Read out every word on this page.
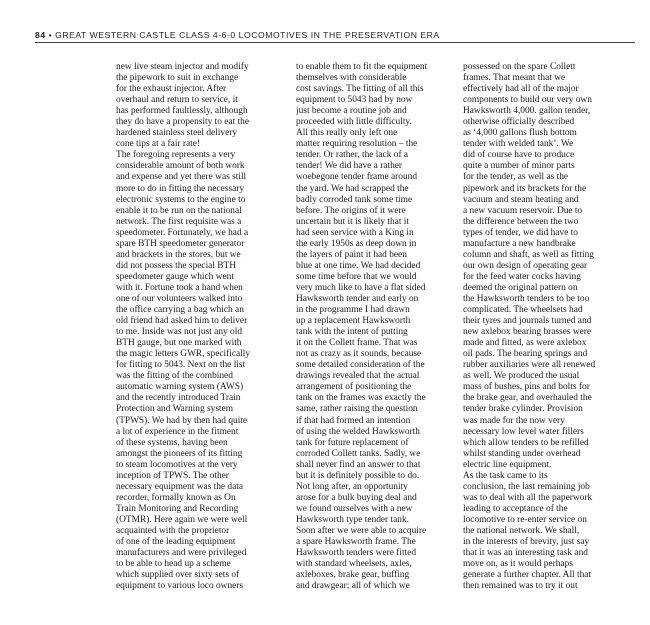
84 • GREAT WESTERN CASTLE CLASS 4-6-0 LOCOMOTIVES IN THE PRESERVATION ERA
new live steam injector and modify
the pipework to suit in exchange
for the exhaust injector. After
overhaul and return to service, it
has performed faultlessly, although
they do have a propensity to eat the
hardened stainless steel delivery
cone tips at a fair rate!
The foregoing represents a very
considerable amount of both work
and expense and yet there was still
more to do in fitting the necessary
electronic systems to the engine to
enable it to be run on the national
network. The first requisite was a
speedometer. Fortunately, we had a
spare BTH speedometer generator
and brackets in the stores, but we
did not possess the special BTH
speedometer gauge which went
with it. Fortune took a hand when
one of our volunteers walked into
the office carrying a bag which an
old friend had asked him to deliver
to me. Inside was not just any old
BTH gauge, but one marked with
the magic letters GWR, specifically
for fitting to 5043. Next on the list
was the fitting of the combined
automatic warning system (AWS)
and the recently introduced Train
Protection and Warning system
(TPWS). We had by then had quite
a lot of experience in the fitment
of these systems, having been
amongst the pioneers of its fitting
to steam locomotives at the very
inception of TPWS. The other
necessary equipment was the data
recorder, formally known as On
Train Monitoring and Recording
(OTMR). Here again we were well
acquainted with the proprietor
of one of the leading equipment
manufacturers and were privileged
to be able to head up a scheme
which supplied over sixty sets of
equipment to various loco owners
to enable them to fit the equipment
themselves with considerable
cost savings. The fitting of all this
equipment to 5043 had by now
just become a routine job and
proceeded with little difficulty.
All this really only left one
matter requiring resolution – the
tender. Or rather, the lack of a
tender! We did have a rather
woebegone tender frame around
the yard. We had scrapped the
badly corroded tank some time
before. The origins of it were
uncertain but it is likely that it
had seen service with a King in
the early 1950s as deep down in
the layers of paint it had been
blue at one time. We had decided
some time before that we would
very much like to have a flat sided
Hawksworth tender and early on
in the programme I had drawn
up a replacement Hawksworth
tank with the intent of putting
it on the Collett frame. That was
not as crazy as it sounds, because
some detailed consideration of the
drawings revealed that the actual
arrangement of positioning the
tank on the frames was exactly the
same, rather raising the question
if that had formed an intention
of using the welded Hawksworth
tank for future replacement of
corroded Collett tanks. Sadly, we
shall never find an answer to that
but it is definitely possible to do.
Not long after, an opportunity
arose for a bulk buying deal and
we found ourselves with a new
Hawksworth type tender tank.
Soon after we were able to acquire
a spare Hawksworth frame. The
Hawksworth tenders were fitted
with standard wheelsets, axles,
axleboxes, brake gear, buffing
and drawgear; all of which we
possessed on the spare Collett
frames. That meant that we
effectively had all of the major
components to build our very own
Hawksworth 4,000. gallon tender,
otherwise officially described
as ‘4,000 gallons flush bottom
tender with welded tank’. We
did of course have to produce
quite a number of minor parts
for the tender, as well as the
pipework and its brackets for the
vacuum and steam heating and
a new vacuum reservoir. Due to
the difference between the two
types of tender, we did have to
manufacture a new handbrake
column and shaft, as well as fitting
our own design of operating gear
for the feed water cocks having
deemed the original pattern on
the Hawksworth tenders to be too
complicated. The wheelsets had
their tyres and journals turned and
new axlebox bearing brasses were
made and fitted, as were axlebox
oil pads. The bearing springs and
rubber auxiliaries were all renewed
as well. We produced the usual
mass of bushes, pins and bolts for
the brake gear, and overhauled the
tender brake cylinder. Provision
was made for the now very
necessary low level water fillers
which allow tenders to be refilled
whilst standing under overhead
electric line equipment.
As the task came to its
conclusion, the last remaining job
was to deal with all the paperwork
leading to acceptance of the
locomotive to re-enter service on
the national network. We shall,
in the interests of brevity, just say
that it was an interesting task and
move on, as it would perhaps
generate a further chapter. All that
then remained was to try it out
